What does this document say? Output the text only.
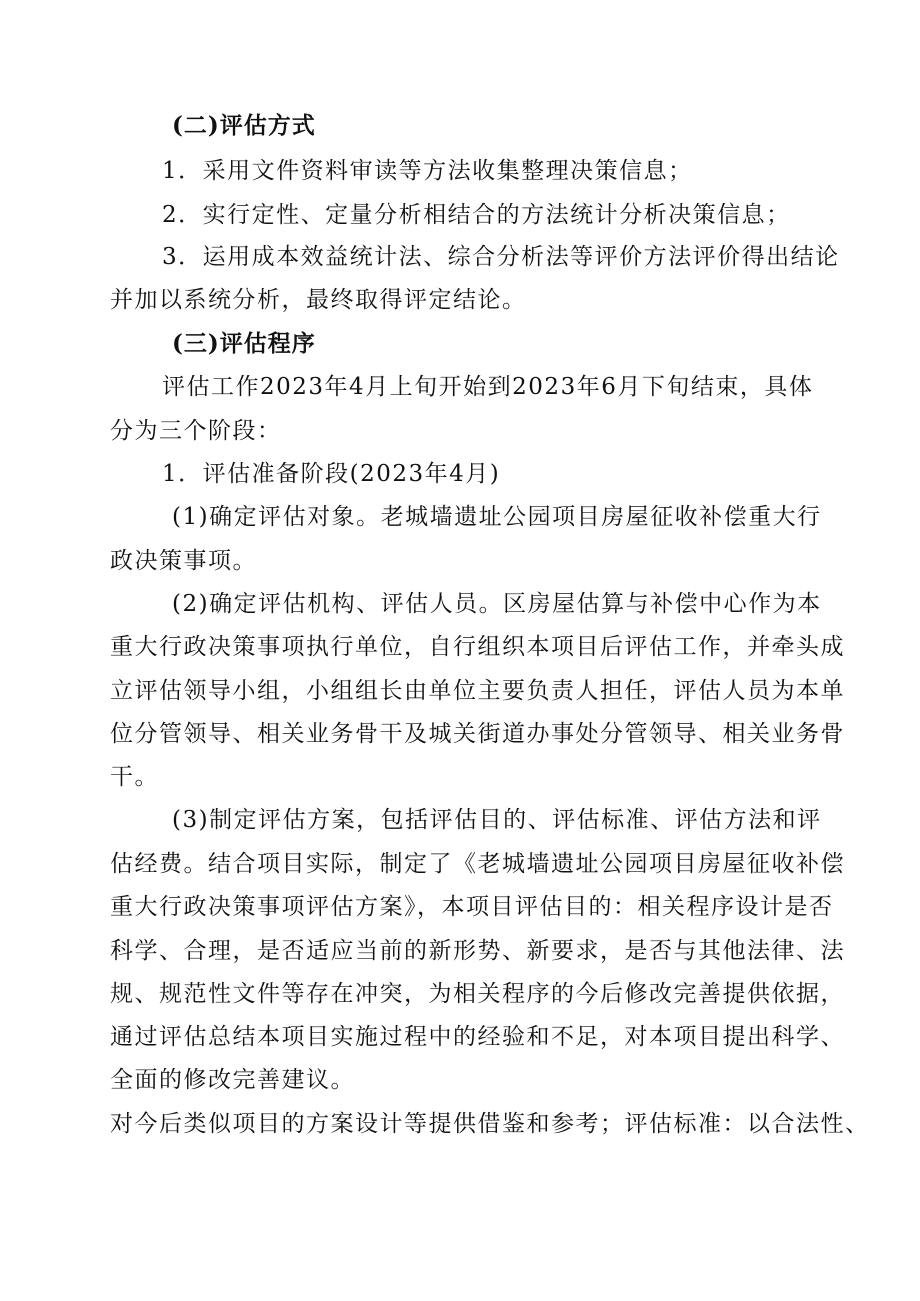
(二)评估方式
1．采用文件资料审读等方法收集整理决策信息；
2．实行定性、定量分析相结合的方法统计分析决策信息；
3．运用成本效益统计法、综合分析法等评价方法评价得出结论
并加以系统分析，最终取得评定结论。
(三)评估程序
评估工作2023年4月上旬开始到2023年6月下旬结束，具体
分为三个阶段：
1．评估准备阶段(2023年4月)
(1)确定评估对象。老城墙遗址公园项目房屋征收补偿重大行
政决策事项。
(2)确定评估机构、评估人员。区房屋估算与补偿中心作为本
重大行政决策事项执行单位，自行组织本项目后评估工作，并牵头成
立评估领导小组，小组组长由单位主要负责人担任，评估人员为本单
位分管领导、相关业务骨干及城关街道办事处分管领导、相关业务骨
干。
(3)制定评估方案，包括评估目的、评估标准、评估方法和评
估经费。结合项目实际，制定了《老城墙遗址公园项目房屋征收补偿
重大行政决策事项评估方案》，本项目评估目的：相关程序设计是否
科学、合理，是否适应当前的新形势、新要求，是否与其他法律、法
规、规范性文件等存在冲突，为相关程序的今后修改完善提供依据，
通过评估总结本项目实施过程中的经验和不足，对本项目提出科学、
全面的修改完善建议。
对今后类似项目的方案设计等提供借鉴和参考；评估标准：以合法性、
